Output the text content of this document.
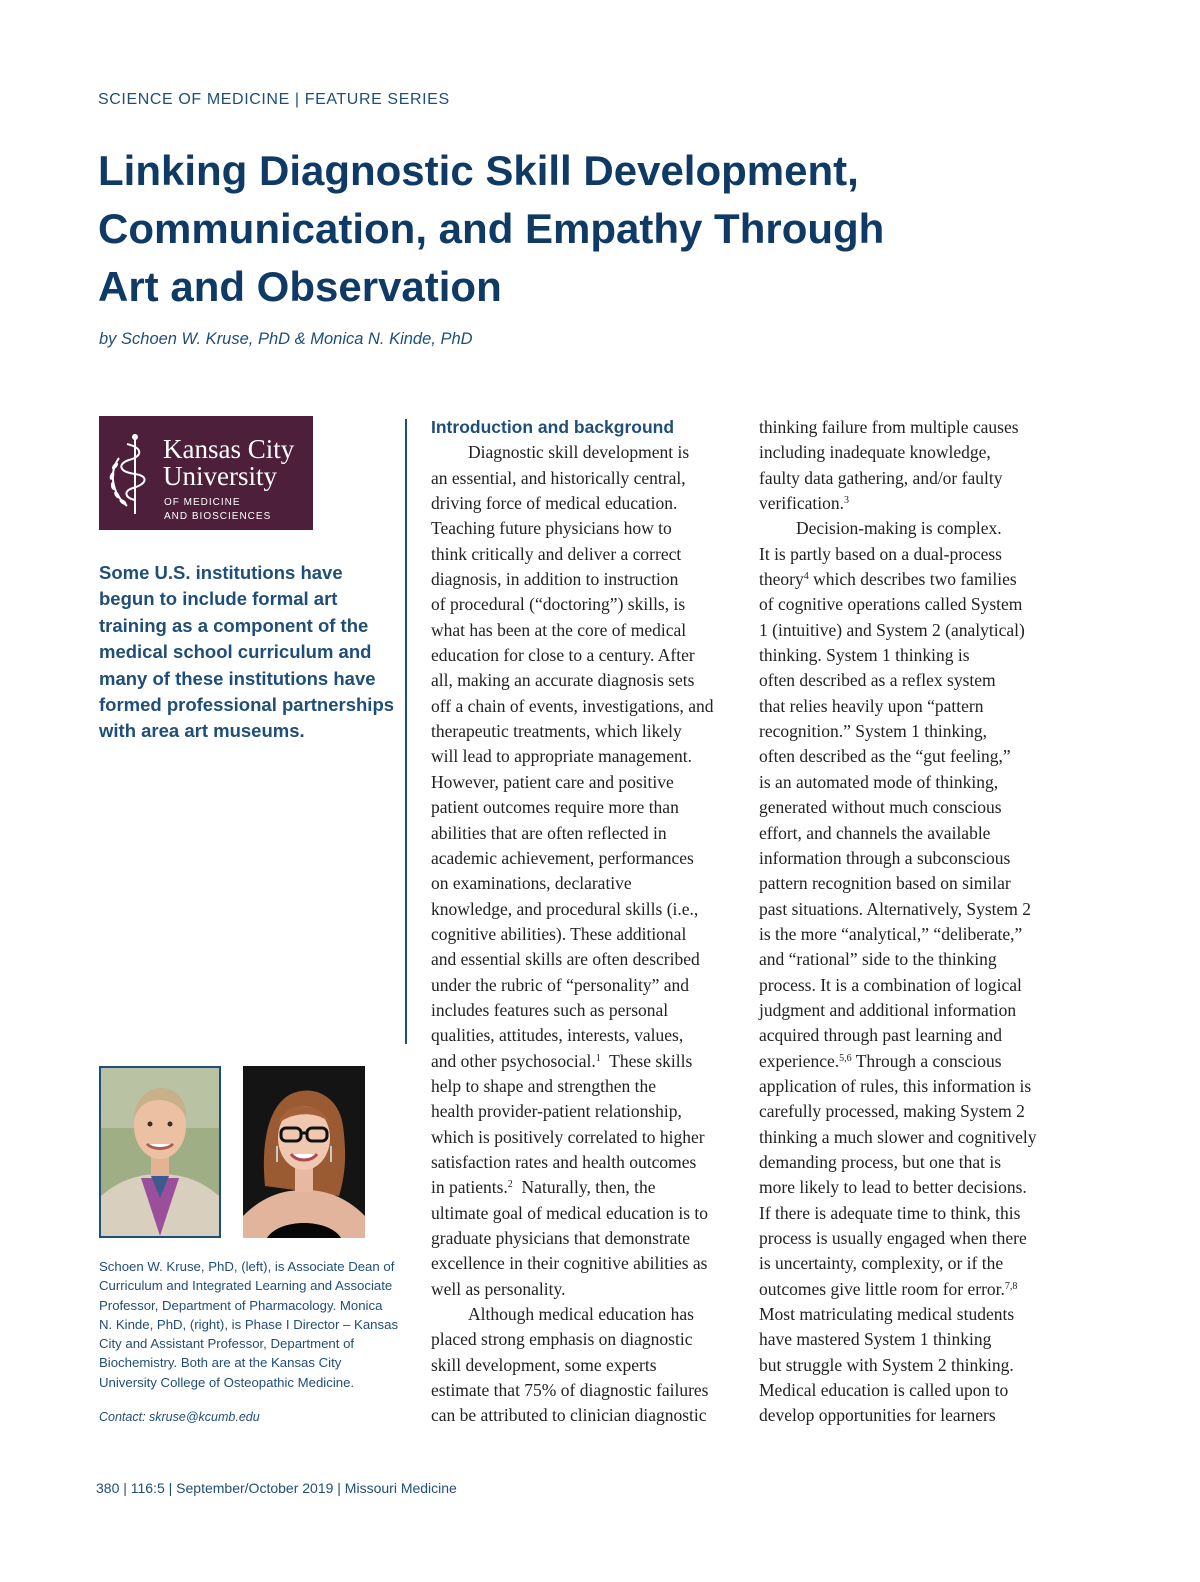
SCIENCE OF MEDICINE | FEATURE SERIES
Linking Diagnostic Skill Development, Communication, and Empathy Through Art and Observation
by Schoen W. Kruse, PhD & Monica N. Kinde, PhD
Kansas City
University
OF MEDICINE
AND BIOSCIENCES

Some U.S. institutions have begun to include formal art training as a component of the medical school curriculum and many of these institutions have formed professional partnerships with area art museums.

Schoen W. Kruse, PhD, (left), is Associate Dean of Curriculum and Integrated Learning and Associate Professor, Department of Pharmacology. Monica N. Kinde, PhD, (right), is Phase I Director – Kansas City and Assistant Professor, Department of Biochemistry. Both are at the Kansas City University College of Osteopathic Medicine.

Contact: skruse@kcumb.edu
Introduction and background
Diagnostic skill development is
an essential, and historically central,
driving force of medical education.
Teaching future physicians how to
think critically and deliver a correct
diagnosis, in addition to instruction
of procedural (“doctoring”) skills, is
what has been at the core of medical
education for close to a century. After
all, making an accurate diagnosis sets
off a chain of events, investigations, and
therapeutic treatments, which likely
will lead to appropriate management.
However, patient care and positive
patient outcomes require more than
abilities that are often reflected in
academic achievement, performances
on examinations, declarative
knowledge, and procedural skills (i.e.,
cognitive abilities). These additional
and essential skills are often described
under the rubric of “personality” and
includes features such as personal
qualities, attitudes, interests, values,
and other psychosocial.$^1$  These skills
help to shape and strengthen the
health provider-patient relationship,
which is positively correlated to higher
satisfaction rates and health outcomes
in patients.$^2$  Naturally, then, the
ultimate goal of medical education is to
graduate physicians that demonstrate
excellence in their cognitive abilities as
well as personality.
Although medical education has
placed strong emphasis on diagnostic
skill development, some experts
estimate that 75% of diagnostic failures
can be attributed to clinician diagnostic
thinking failure from multiple causes
including inadequate knowledge,
faulty data gathering, and/or faulty
verification.$^3$
Decision-making is complex.
It is partly based on a dual-process
theory$^4$ which describes two families
of cognitive operations called System
1 (intuitive) and System 2 (analytical)
thinking. System 1 thinking is
often described as a reflex system
that relies heavily upon “pattern
recognition.” System 1 thinking,
often described as the “gut feeling,”
is an automated mode of thinking,
generated without much conscious
effort, and channels the available
information through a subconscious
pattern recognition based on similar
past situations. Alternatively, System 2
is the more “analytical,” “deliberate,”
and “rational” side to the thinking
process. It is a combination of logical
judgment and additional information
acquired through past learning and
experience.$^{5,6}$ Through a conscious
application of rules, this information is
carefully processed, making System 2
thinking a much slower and cognitively
demanding process, but one that is
more likely to lead to better decisions.
If there is adequate time to think, this
process is usually engaged when there
is uncertainty, complexity, or if the
outcomes give little room for error.$^{7,8}$
Most matriculating medical students
have mastered System 1 thinking
but struggle with System 2 thinking.
Medical education is called upon to
develop opportunities for learners
380 | 116:5 | September/October 2019 | Missouri Medicine
